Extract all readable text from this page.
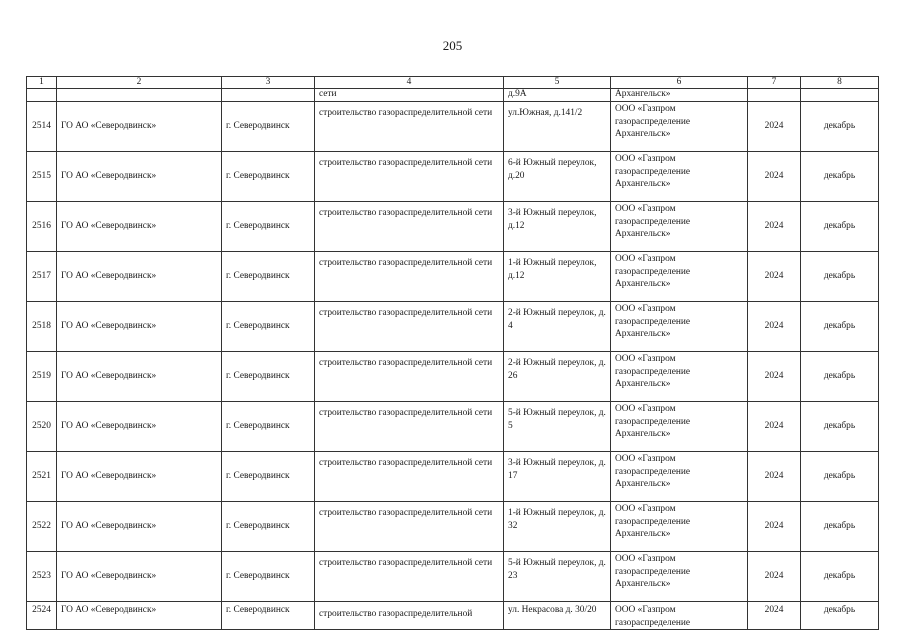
205
1	2	3	4	5	6	7	8
			сети	д.9А	Архангельск»		
2514	ГО АО «Северодвинск»	г. Северодвинск	строительство газораспределительной сети	ул.Южная, д.141/2	ООО «Газпром газораспределение Архангельск»	2024	декабрь
2515	ГО АО «Северодвинск»	г. Северодвинск	строительство газораспределительной сети	6-й Южный переулок, д.20	ООО «Газпром газораспределение Архангельск»	2024	декабрь
2516	ГО АО «Северодвинск»	г. Северодвинск	строительство газораспределительной сети	3-й Южный переулок, д.12	ООО «Газпром газораспределение Архангельск»	2024	декабрь
2517	ГО АО «Северодвинск»	г. Северодвинск	строительство газораспределительной сети	1-й Южный переулок, д.12	ООО «Газпром газораспределение Архангельск»	2024	декабрь
2518	ГО АО «Северодвинск»	г. Северодвинск	строительство газораспределительной сети	2-й Южный переулок, д. 4	ООО «Газпром газораспределение Архангельск»	2024	декабрь
2519	ГО АО «Северодвинск»	г. Северодвинск	строительство газораспределительной сети	2-й Южный переулок, д. 26	ООО «Газпром газораспределение Архангельск»	2024	декабрь
2520	ГО АО «Северодвинск»	г. Северодвинск	строительство газораспределительной сети	5-й Южный переулок, д. 5	ООО «Газпром газораспределение Архангельск»	2024	декабрь
2521	ГО АО «Северодвинск»	г. Северодвинск	строительство газораспределительной сети	3-й Южный переулок, д. 17	ООО «Газпром газораспределение Архангельск»	2024	декабрь
2522	ГО АО «Северодвинск»	г. Северодвинск	строительство газораспределительной сети	1-й Южный переулок, д. 32	ООО «Газпром газораспределение Архангельск»	2024	декабрь
2523	ГО АО «Северодвинск»	г. Северодвинск	строительство газораспределительной сети	5-й Южный переулок, д. 23	ООО «Газпром газораспределение Архангельск»	2024	декабрь
2524	ГО АО «Северодвинск»	г. Северодвинск	строительство газораспределительной	ул. Некрасова д. 30/20	ООО «Газпром газораспределение	2024	декабрь
